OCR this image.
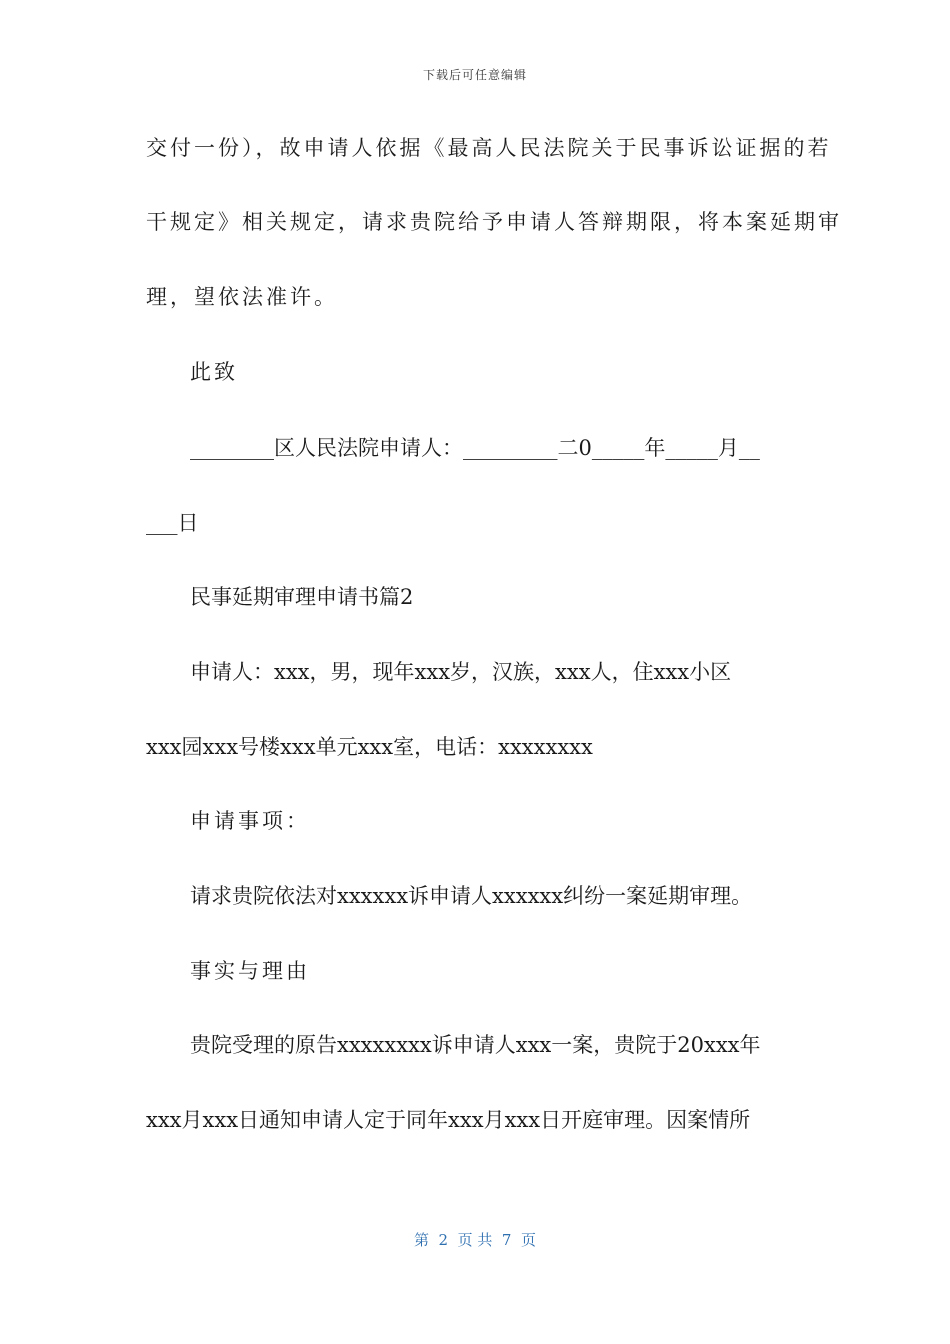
下载后可任意编辑
交付一份），故申请人依据《最高人民法院关于民事诉讼证据的若
干规定》相关规定，请求贵院给予申请人答辩期限，将本案延期审
理，望依法准许。
此致
________区人民法院申请人：_________二0_____年_____月__
___日
民事延期审理申请书篇2
申请人：xxx，男，现年xxx岁，汉族，xxx人，住xxx小区
xxx园xxx号楼xxx单元xxx室，电话：xxxxxxxx
申请事项：
请求贵院依法对xxxxxx诉申请人xxxxxx纠纷一案延期审理。
事实与理由
贵院受理的原告xxxxxxxx诉申请人xxx一案，贵院于20xxx年
xxx月xxx日通知申请人定于同年xxx月xxx日开庭审理。因案情所
第  2  页 共  7  页
